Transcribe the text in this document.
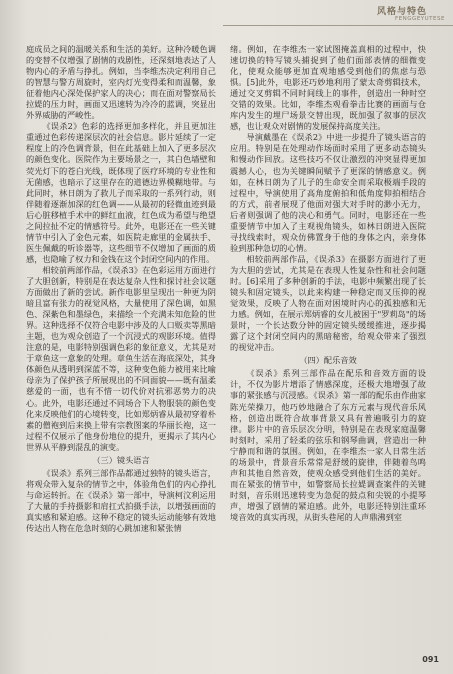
风格与特色
FENGGEYUTESE

庭成员之间的温暖关系和生活的美好。这种冷暖色调的变替不仅增强了剧情的戏剧性，还深刻地表达了人物内心的矛盾与挣扎。例如，当李维杰决定利用自己的智慧与警方周旋时，室内灯光变得柔和而温馨，象征着他内心深处保护家人的决心；而在面对警察局长拉媞的压力时，画面又迅速转为冷冷的蓝调，突显出外界威胁的严峻性。

《误杀2》色彩的选择更加多样化，并且更加注重通过色彩传递深层次的社会信息。影片延续了一定程度上的冷色调背景，但在此基础上加入了更多层次的颜色变化。医院作为主要场景之一，其白色墙壁和荧光灯下的苍白光线，既体现了医疗环境的专业性和无菌感，也暗示了这里存在的道德边界模糊地带。与此同时，林日朗为了救儿子而采取的一系列行动，则伴随着逐渐加深的红色调——从最初的轻微血迹到最后心脏移植手术中的鲜红血液，红色成为希望与绝望之间拉扯不定的情感符号。此外，电影还在一些关键情节中引入了金色元素，如医院走廊里的金属扶手、医生佩戴的听诊器等，这些细节不仅增加了画面的质感，也隐喻了权力和金钱在这个封闭空间内的作用。

相较前两部作品，《误杀3》在色彩运用方面进行了大胆创新，特别是在表达复杂人性和探讨社会议题方面做出了新的尝试。新作电影里呈现出一种更为阴暗且富有张力的视觉风格，大量使用了深色调，如黑色、深紫色和墨绿色，来描绘一个充满未知危险的世界。这种选择不仅符合电影中涉及的人口贩卖等黑暗主题，也为观众创造了一个沉浸式的观影环境。值得注意的是，电影特别强调色彩的象征意义，尤其是对于章鱼这一意象的处理。章鱼生活在海底深处，其身体颜色从透明到深蓝不等，这种变色能力被用来比喻母亲为了保护孩子所展现出的不同面貌——既有温柔慈爱的一面，也有不惜一切代价对抗邪恶势力的决心。此外，电影还通过不同场合下人物服装的颜色变化来反映他们的心境转变，比如郑炳睿从最初穿着朴素的僧袍到后来换上带有宗教图案的华丽长袍，这一过程不仅展示了他身份地位的提升，更揭示了其内心世界从平静到混乱的演变。

（三）镜头语言

《误杀》系列三部作品都通过独特的镜头语言，将观众带入复杂的情节之中，体验角色们的内心挣扎与命运转折。在《误杀》第一部中，导演柯汶利运用了大量的手持摄影和肩扛式拍摄手法，以增强画面的真实感和紧迫感。这种不稳定的镜头运动能够有效地传达出人物在危急时刻的心跳加速和紧张情

绪。例如，在李维杰一家试图掩盖真相的过程中，快速切换的特写镜头捕捉到了他们面部表情的细微变化，使观众能够更加直观地感受到他们的焦虑与恐惧。[5]此外，电影还巧妙地利用了蒙太奇剪辑技术，通过交叉剪辑不同时间线上的事件，创造出一种时空交错的效果。比如，李维杰观看拳击比赛的画面与仓库内发生的埋尸场景交替出现，既加强了叙事的层次感，也让观众对剧情的发展保持高度关注。

导演戴墨在《误杀2》中进一步提升了镜头语言的应用。特别是在处理动作场面时采用了更多动态镜头和慢动作回放。这些技巧不仅让激烈的冲突显得更加震撼人心，也为关键瞬间赋予了更深的情感意义。例如，在林日朗为了儿子的生命安全而采取极端手段的过程中，导演使用了高角度俯拍和低角度仰拍相结合的方式，前者展现了他面对强大对手时的渺小无力，后者则强调了他的决心和勇气。同时，电影还在一些重要情节中加入了主观视角镜头，如林日朗进入医院寻找线索时，观众仿佛置身于他的身体之内，亲身体验到那种急切的心情。

相较前两部作品，《误杀3》在摄影方面进行了更为大胆的尝试，尤其是在表现人性复杂性和社会问题时。[6]采用了多种创新的手法，电影中频繁出现了长镜头和固定镜头，以此来构建一种稳定而又压抑的视觉效果，反映了人物在面对困境时内心的孤独感和无力感。例如，在展示郑炳睿的女儿被困于"罗莉岛"的场景时，一个长达数分钟的固定镜头缓缓推进，逐步揭露了这个封闭空间内的黑暗秘密，给观众带来了强烈的视觉冲击。

（四）配乐音效

《误杀》系列三部作品在配乐和音效方面的设计，不仅为影片增添了情感深度，还极大地增强了故事的紧张感与沉浸感。《误杀》第一部的配乐由作曲家陈光荣操刀，他巧妙地融合了东方元素与现代音乐风格，创造出既符合故事背景又具有普遍吸引力的旋律。影片中的音乐层次分明，特别是在表现家庭温馨时刻时，采用了轻柔的弦乐和钢琴曲调，营造出一种宁静而和谐的氛围。例如，在李维杰一家人日常生活的场景中，背景音乐常常是舒缓的旋律，伴随着鸟鸣声和其他自然音效，使观众感受到他们生活的美好。而在紧张的情节中，如警察局长拉媞调查案件的关键时刻，音乐则迅速转变为急促的鼓点和尖锐的小提琴声，增强了剧情的紧迫感。此外，电影还特别注重环境音效的真实再现，从街头巷尾的人声鼎沸到室

091
